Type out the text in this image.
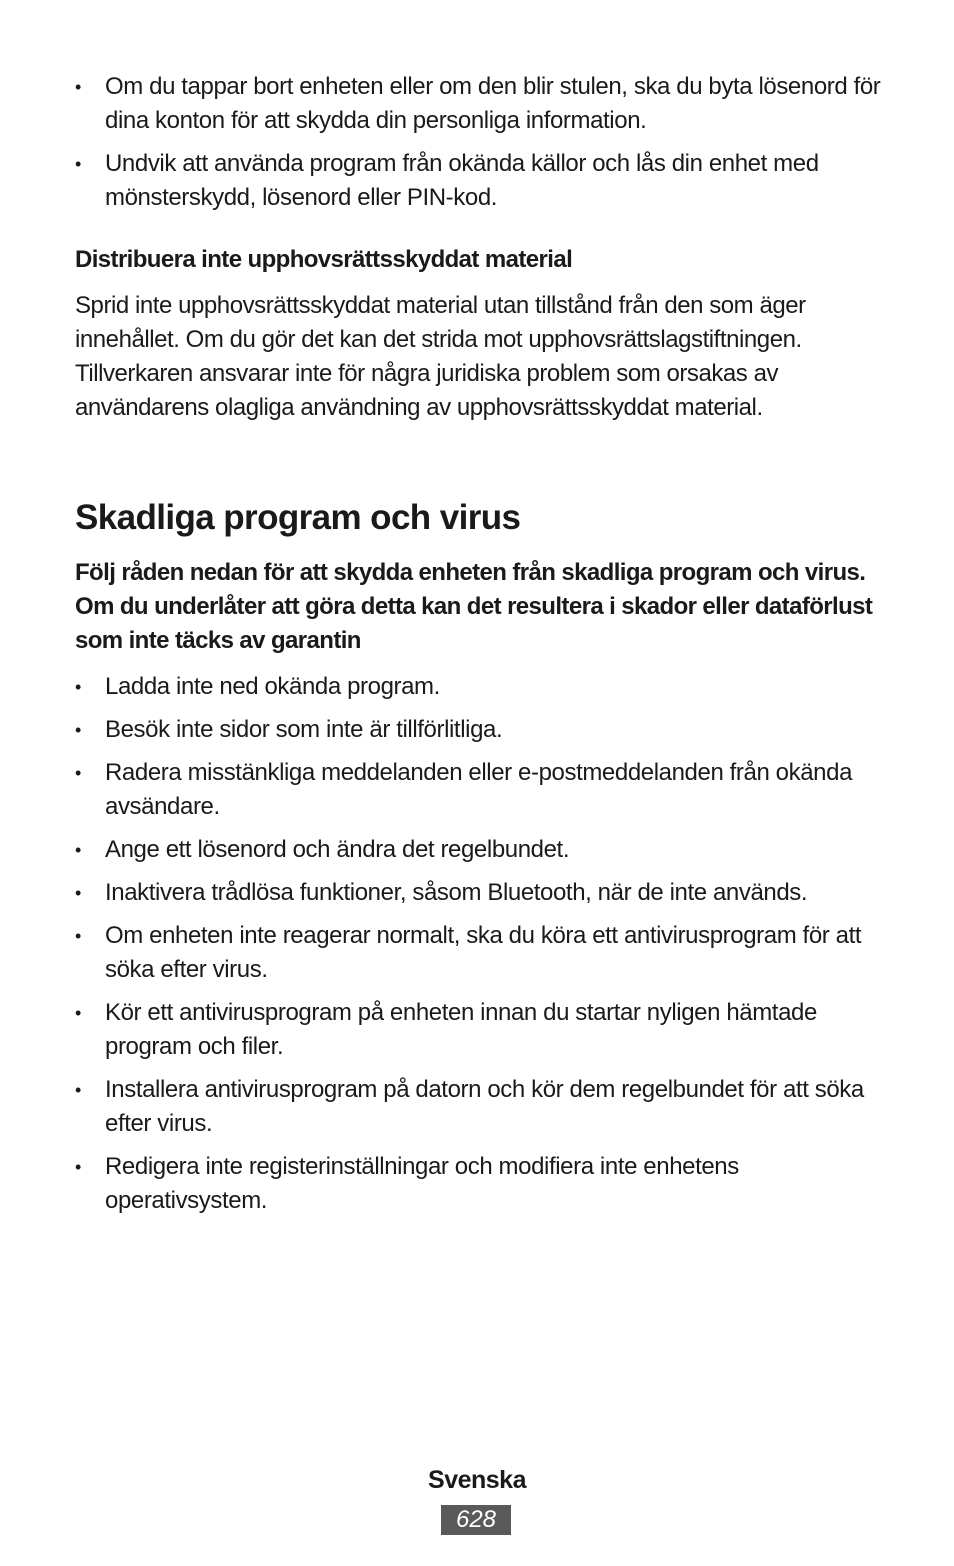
• Om du tappar bort enheten eller om den blir stulen, ska du byta lösenord för dina konton för att skydda din personliga information.
• Undvik att använda program från okända källor och lås din enhet med mönsterskydd, lösenord eller PIN-kod.
Distribuera inte upphovsrättsskyddat material

Sprid inte upphovsrättsskyddat material utan tillstånd från den som äger innehållet. Om du gör det kan det strida mot upphovsrättslagstiftningen. Tillverkaren ansvarar inte för några juridiska problem som orsakas av användarens olagliga användning av upphovsrättsskyddat material.

Skadliga program och virus

Följ råden nedan för att skydda enheten från skadliga program och virus. Om du underlåter att göra detta kan det resultera i skador eller dataförlust som inte täcks av garantin

• Ladda inte ned okända program.
• Besök inte sidor som inte är tillförlitliga.
• Radera misstänkliga meddelanden eller e-postmeddelanden från okända avsändare.
• Ange ett lösenord och ändra det regelbundet.
• Inaktivera trådlösa funktioner, såsom Bluetooth, när de inte används.
• Om enheten inte reagerar normalt, ska du köra ett antivirusprogram för att söka efter virus.
• Kör ett antivirusprogram på enheten innan du startar nyligen hämtade program och filer.
• Installera antivirusprogram på datorn och kör dem regelbundet för att söka efter virus.
• Redigera inte registerinställningar och modifiera inte enhetens operativsystem.
Svenska
628
